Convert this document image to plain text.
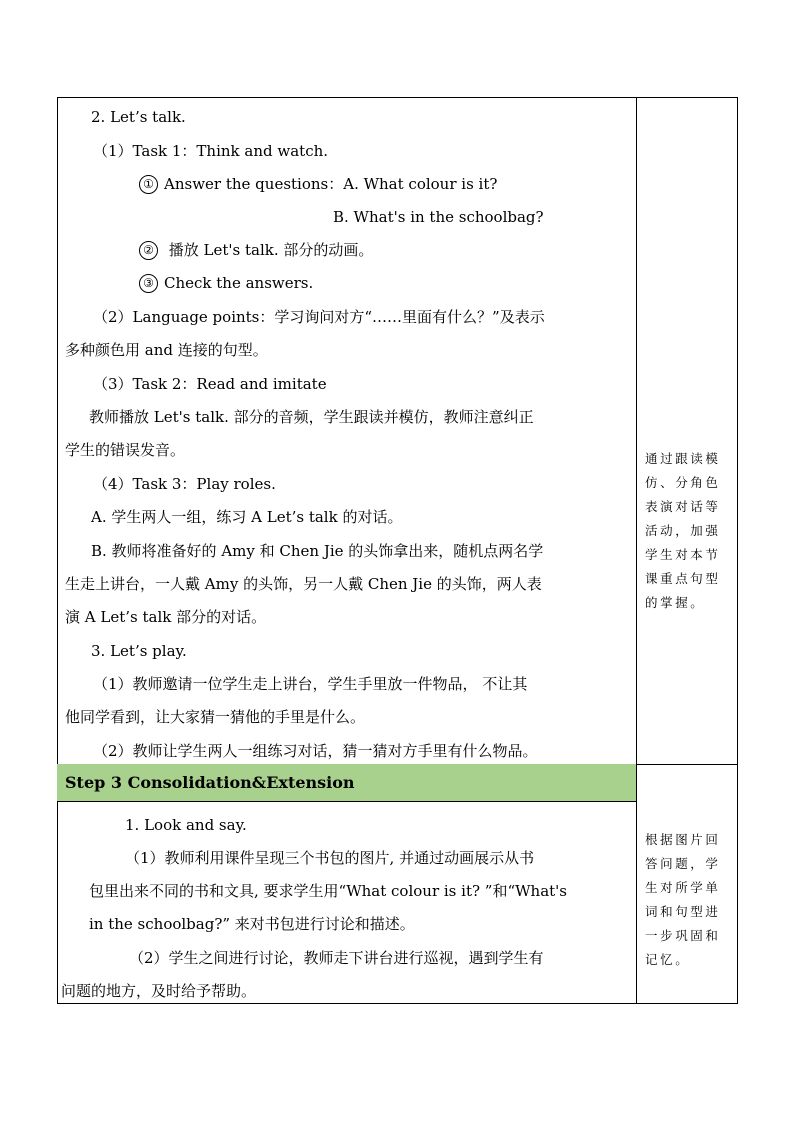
2. Let’s talk.
（1）Task 1：Think and watch.
① Answer the questions：A. What colour is it?
B. What's in the schoolbag?
② 播放 Let's talk. 部分的动画。
③ Check the answers.
（2）Language points：学习询问对方“……里面有什么？”及表示
多种颜色用 and 连接的句型。
（3）Task 2：Read and imitate
教师播放 Let's talk. 部分的音频，学生跟读并模仿，教师注意纠正
学生的错误发音。
（4）Task 3：Play roles.
A. 学生两人一组，练习 A Let’s talk 的对话。
B. 教师将准备好的 Amy 和 Chen Jie 的头饰拿出来，随机点两名学
生走上讲台，一人戴 Amy 的头饰，另一人戴 Chen Jie 的头饰，两人表
演 A Let’s talk 部分的对话。
3. Let’s play.
（1）教师邀请一位学生走上讲台，学生手里放一件物品， 不让其
他同学看到，让大家猜一猜他的手里是什么。
（2）教师让学生两人一组练习对话，猜一猜对方手里有什么物品。
通过跟读模仿、分角色表演对话等活动，加强学生对本节课重点句型的掌握。
Step 3 Consolidation&Extension
1. Look and say.
（1）教师利用课件呈现三个书包的图片, 并通过动画展示从书
包里出来不同的书和文具, 要求学生用“What colour is it? ”和“What's
in the schoolbag?” 来对书包进行讨论和描述。
（2）学生之间进行讨论，教师走下讲台进行巡视，遇到学生有
问题的地方，及时给予帮助。
根据图片回答问题，学生对所学单词和句型进一步巩固和记忆。
